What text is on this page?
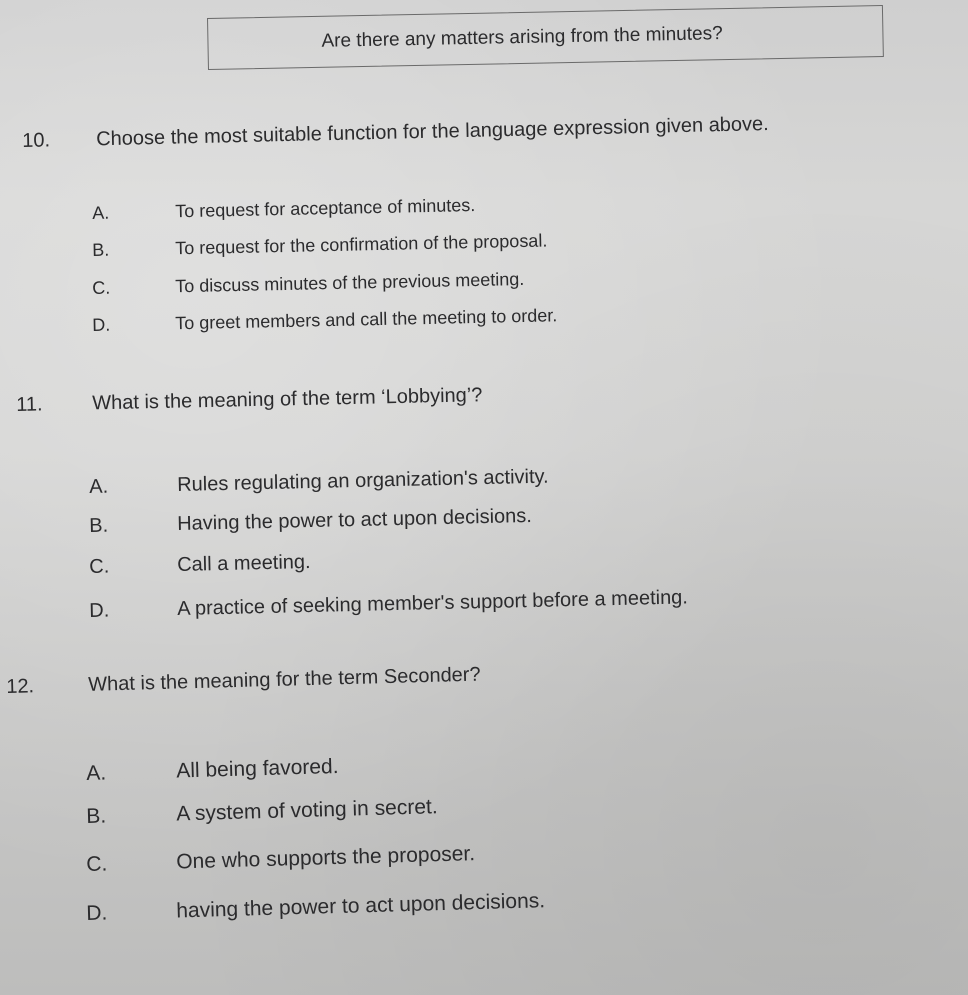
Are there any matters arising from the minutes?
10. Choose the most suitable function for the language expression given above.
A.	To request for acceptance of minutes.
B.	To request for the confirmation of the proposal.
C.	To discuss minutes of the previous meeting.
D.	To greet members and call the meeting to order.
11. What is the meaning of the term ‘Lobbying’?
A.	Rules regulating an organization's activity.
B.	Having the power to act upon decisions.
C.	Call a meeting.
D.	A practice of seeking member's support before a meeting.
12.	What is the meaning for the term Seconder?
A.	All being favored.
B.	A system of voting in secret.
C.	One who supports the proposer.
D.	having the power to act upon decisions.
